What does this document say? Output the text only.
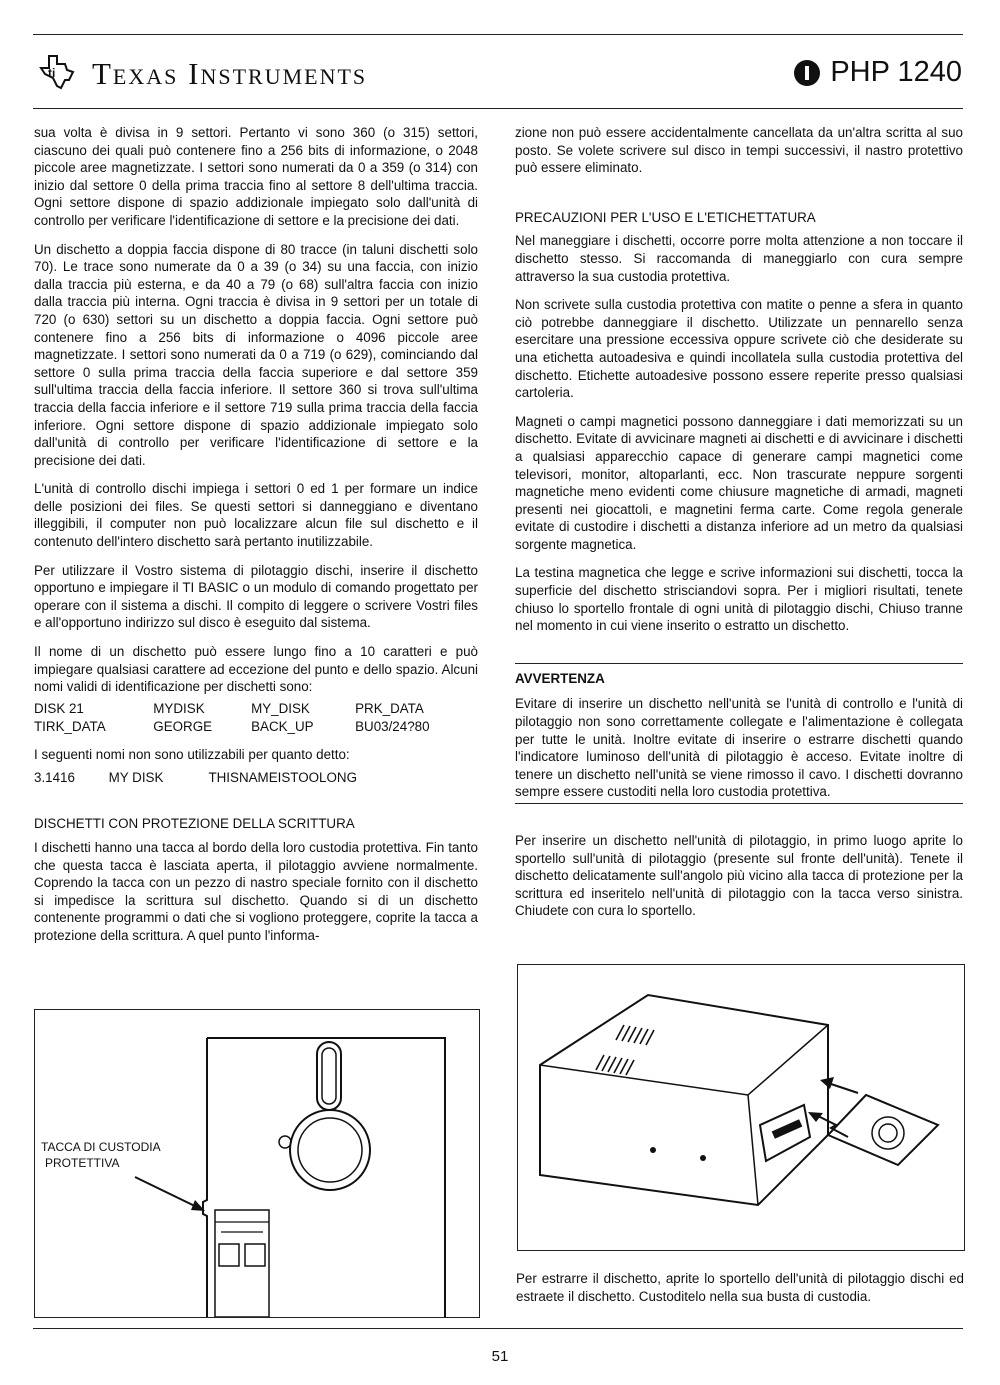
ti Texas Instruments	PHP 1240

sua volta è divisa in 9 settori. Pertanto vi sono 360 (o 315) settori, ciascuno dei quali può contenere fino a 256 bits di informazione, o 2048 piccole aree magnetizzate. I settori sono numerati da 0 a 359 (o 314) con inizio dal settore 0 della prima traccia fino al settore 8 dell'ultima traccia. Ogni settore dispone di spazio addizionale impiegato solo dall'unità di controllo per verificare l'identificazione di settore e la precisione dei dati.

Un dischetto a doppia faccia dispone di 80 tracce (in taluni dischetti solo 70). Le trace sono numerate da 0 a 39 (o 34) su una faccia, con inizio dalla traccia più esterna, e da 40 a 79 (o 68) sull'altra faccia con inizio dalla traccia più interna. Ogni traccia è divisa in 9 settori per un totale di 720 (o 630) settori su un dischetto a doppia faccia. Ogni settore può contenere fino a 256 bits di informazione o 4096 piccole aree magnetizzate. I settori sono numerati da 0 a 719 (o 629), cominciando dal settore 0 sulla prima traccia della faccia superiore e dal settore 359 sull'ultima traccia della faccia inferiore. Il settore 360 si trova sull'ultima traccia della faccia inferiore e il settore 719 sulla prima traccia della faccia inferiore. Ogni settore dispone di spazio addizionale impiegato solo dall'unità di controllo per verificare l'identificazione di settore e la precisione dei dati.

L'unità di controllo dischi impiega i settori 0 ed 1 per formare un indice delle posizioni dei files. Se questi settori si danneggiano e diventano illeggibili, il computer non può localizzare alcun file sul dischetto e il contenuto dell'intero dischetto sarà pertanto inutilizzabile.

Per utilizzare il Vostro sistema di pilotaggio dischi, inserire il dischetto opportuno e impiegare il TI BASIC o un modulo di comando progettato per operare con il sistema a dischi. Il compito di leggere o scrivere Vostri files e all'opportuno indirizzo sul disco è eseguito dal sistema.

Il nome di un dischetto può essere lungo fino a 10 caratteri e può impiegare qualsiasi carattere ad eccezione del punto e dello spazio. Alcuni nomi validi di identificazione per dischetti sono:

DISK 21	MYDISK	MY_DISK	PRK_DATA
TIRK_DATA	GEORGE	BACK_UP	BU03/24?80

I seguenti nomi non sono utilizzabili per quanto detto:

3.1416	MY DISK	THISNAMEISTOOLONG
DISCHETTI CON PROTEZIONE DELLA SCRITTURA

I dischetti hanno una tacca al bordo della loro custodia protettiva. Fin tanto che questa tacca è lasciata aperta, il pilotaggio avviene normalmente. Coprendo la tacca con un pezzo di nastro speciale fornito con il dischetto si impedisce la scrittura sul dischetto. Quando si di un dischetto contenente programmi o dati che si vogliono proteggere, coprite la tacca a protezione della scrittura. A quel punto l'informa-

zione non può essere accidentalmente cancellata da un'altra scritta al suo posto. Se volete scrivere sul disco in tempi successivi, il nastro protettivo può essere eliminato.

PRECAUZIONI PER L'USO E L'ETICHETTATURA

Nel maneggiare i dischetti, occorre porre molta attenzione a non toccare il dischetto stesso. Si raccomanda di maneggiarlo con cura sempre attraverso la sua custodia protettiva.

Non scrivete sulla custodia protettiva con matite o penne a sfera in quanto ciò potrebbe danneggiare il dischetto. Utilizzate un pennarello senza esercitare una pressione eccessiva oppure scrivete ciò che desiderate su una etichetta autoadesiva e quindi incollatela sulla custodia protettiva del dischetto. Etichette autoadesive possono essere reperite presso qualsiasi cartoleria.

Magneti o campi magnetici possono danneggiare i dati memorizzati su un dischetto. Evitate di avvicinare magneti ai dischetti e di avvicinare i dischetti a qualsiasi apparecchio capace di generare campi magnetici come televisori, monitor, altoparlanti, ecc. Non trascurate neppure sorgenti magnetiche meno evidenti come chiusure magnetiche di armadi, magneti presenti nei giocattoli, e magnetini ferma carte. Come regola generale evitate di custodire i dischetti a distanza inferiore ad un metro da qualsiasi sorgente magnetica.

La testina magnetica che legge e scrive informazioni sui dischetti, tocca la superficie del dischetto strisciandovi sopra. Per i migliori risultati, tenete chiuso lo sportello frontale di ogni unità di pilotaggio dischi, Chiuso tranne nel momento in cui viene inserito o estratto un dischetto.

AVVERTENZA

Evitare di inserire un dischetto nell'unità se l'unità di controllo e l'unità di pilotaggio non sono correttamente collegate e l'alimentazione è collegata per tutte le unità. Inoltre evitate di inserire o estrarre dischetti quando l'indicatore luminoso dell'unità di pilotaggio è acceso. Evitate inoltre di tenere un dischetto nell'unità se viene rimosso il cavo. I dischetti dovranno sempre essere custoditi nella loro custodia protettiva.

Per inserire un dischetto nell'unità di pilotaggio, in primo luogo aprite lo sportello sull'unità di pilotaggio (presente sul fronte dell'unità). Tenete il dischetto delicatamente sull'angolo più vicino alla tacca di protezione per la scrittura ed inseritelo nell'unità di pilotaggio con la tacca verso sinistra. Chiudete con cura lo sportello.

TACCA DI CUSTODIA
PROTETTIVA
Per estrarre il dischetto, aprite lo sportello dell'unità di pilotaggio dischi ed estraete il dischetto. Custoditelo nella sua busta di custodia.
51
